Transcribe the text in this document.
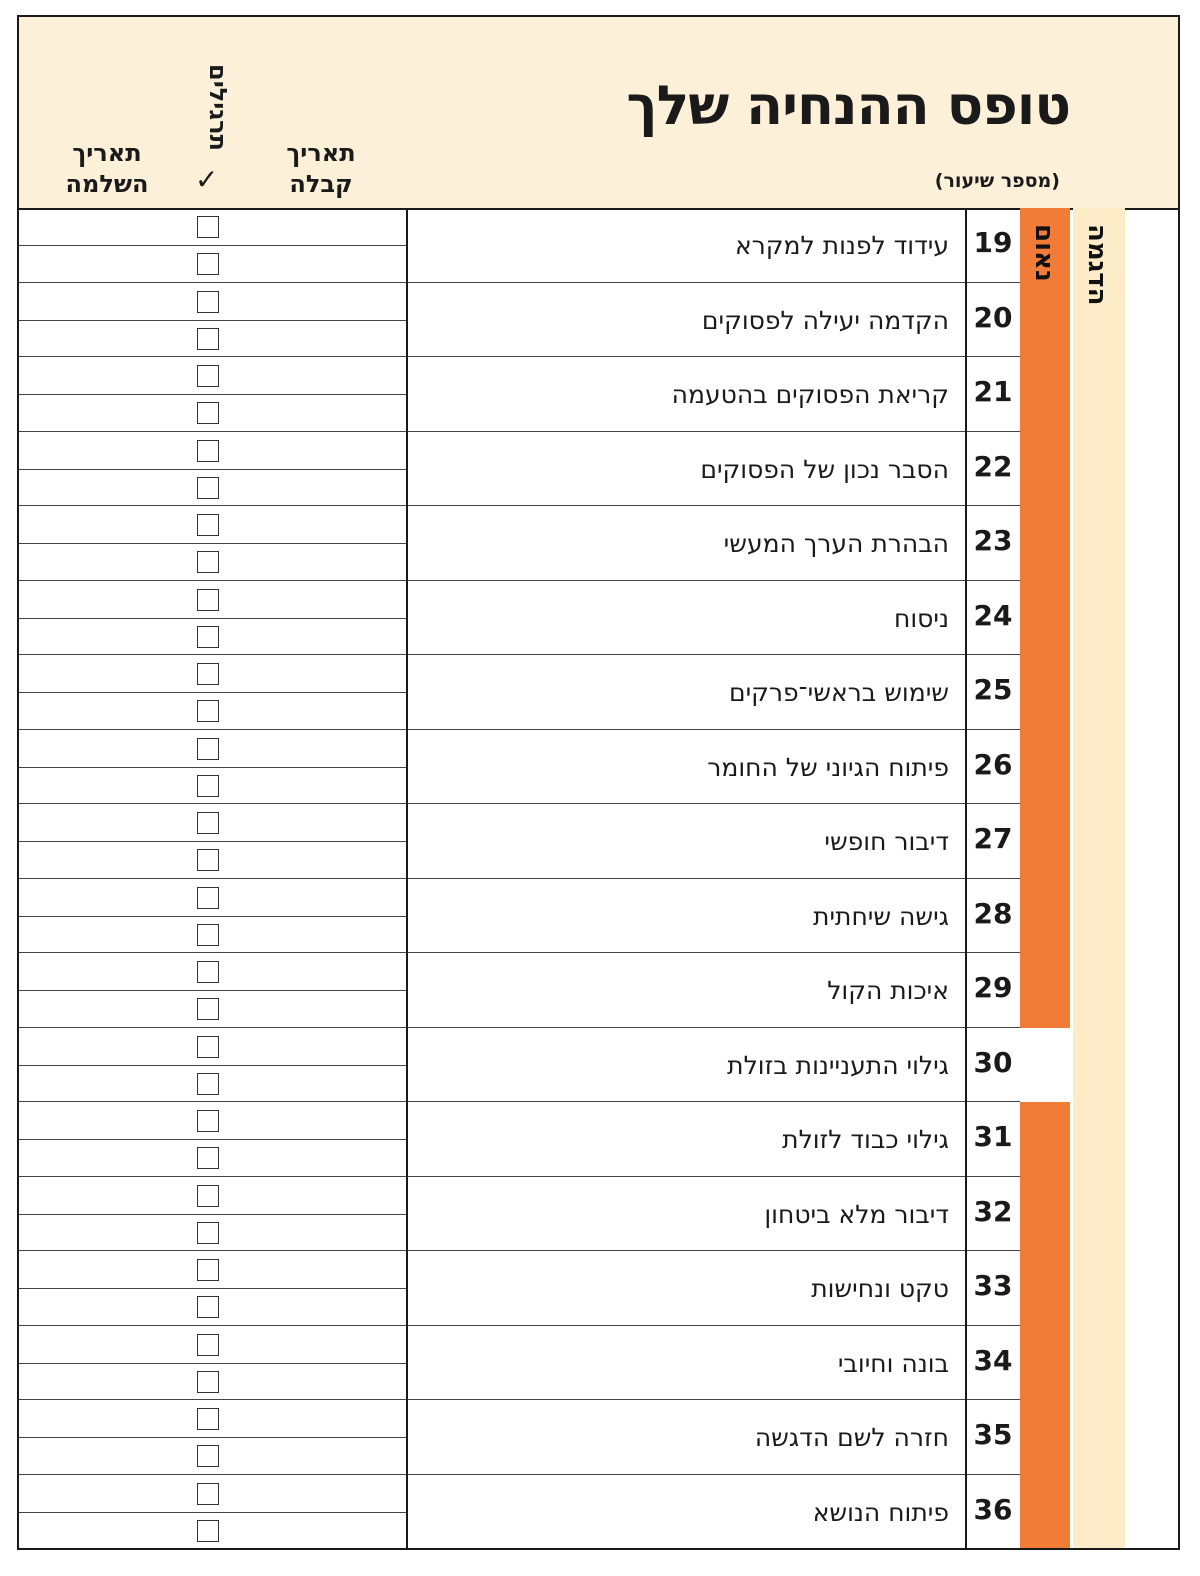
טופס ההנחיה שלך
(מספר שיעור)
תאריך קבלה
תרגילים
✓
תאריך השלמה
נאום הדגמה
עידוד לפנות למקרא 19
הקדמה יעילה לפסוקים 20
קריאת הפסוקים בהטעמה 21
הסבר נכון של הפסוקים 22
הבהרת הערך המעשי 23
ניסוח 24
שימוש בראשי־פרקים 25
פיתוח הגיוני של החומר 26
דיבור חופשי 27
גישה שיחתית 28
איכות הקול 29
גילוי התעניינות בזולת 30
גילוי כבוד לזולת 31
דיבור מלא ביטחון 32
טקט ונחישות 33
בונה וחיובי 34
חזרה לשם הדגשה 35
פיתוח הנושא 36
